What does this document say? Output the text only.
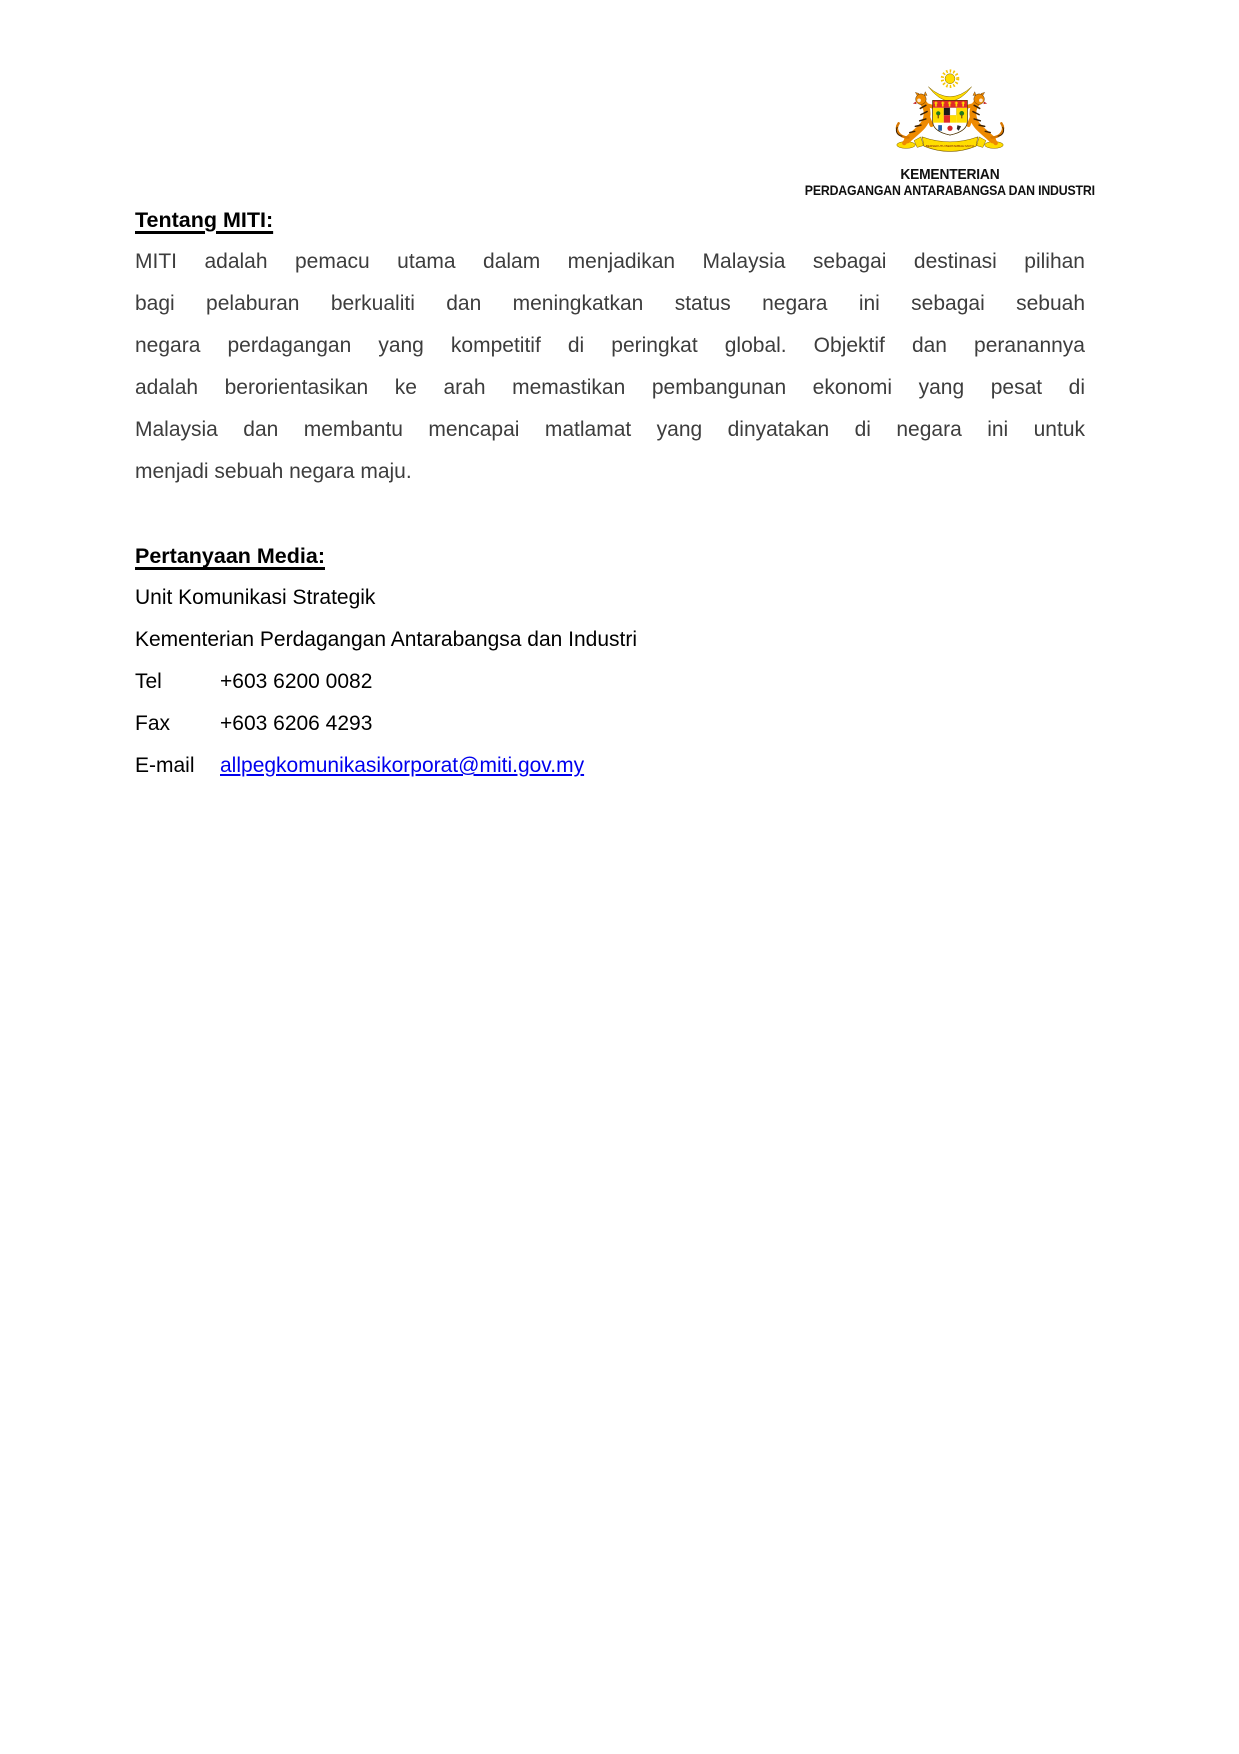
BERSEKUTU BERTAMBAH MUTU
KEMENTERIAN
PERDAGANGAN ANTARABANGSA DAN INDUSTRI
Tentang MITI:
MITI adalah pemacu utama dalam menjadikan Malaysia sebagai destinasi pilihan
bagi pelaburan berkualiti dan meningkatkan status negara ini sebagai sebuah
negara perdagangan yang kompetitif di peringkat global. Objektif dan peranannya
adalah berorientasikan ke arah memastikan pembangunan ekonomi yang pesat di
Malaysia dan membantu mencapai matlamat yang dinyatakan di negara ini untuk
menjadi sebuah negara maju.
Pertanyaan Media:
Unit Komunikasi Strategik
Kementerian Perdagangan Antarabangsa dan Industri
Tel	+603 6200 0082
Fax	+603 6206 4293
E-mail	allpegkomunikasikorporat@miti.gov.my
